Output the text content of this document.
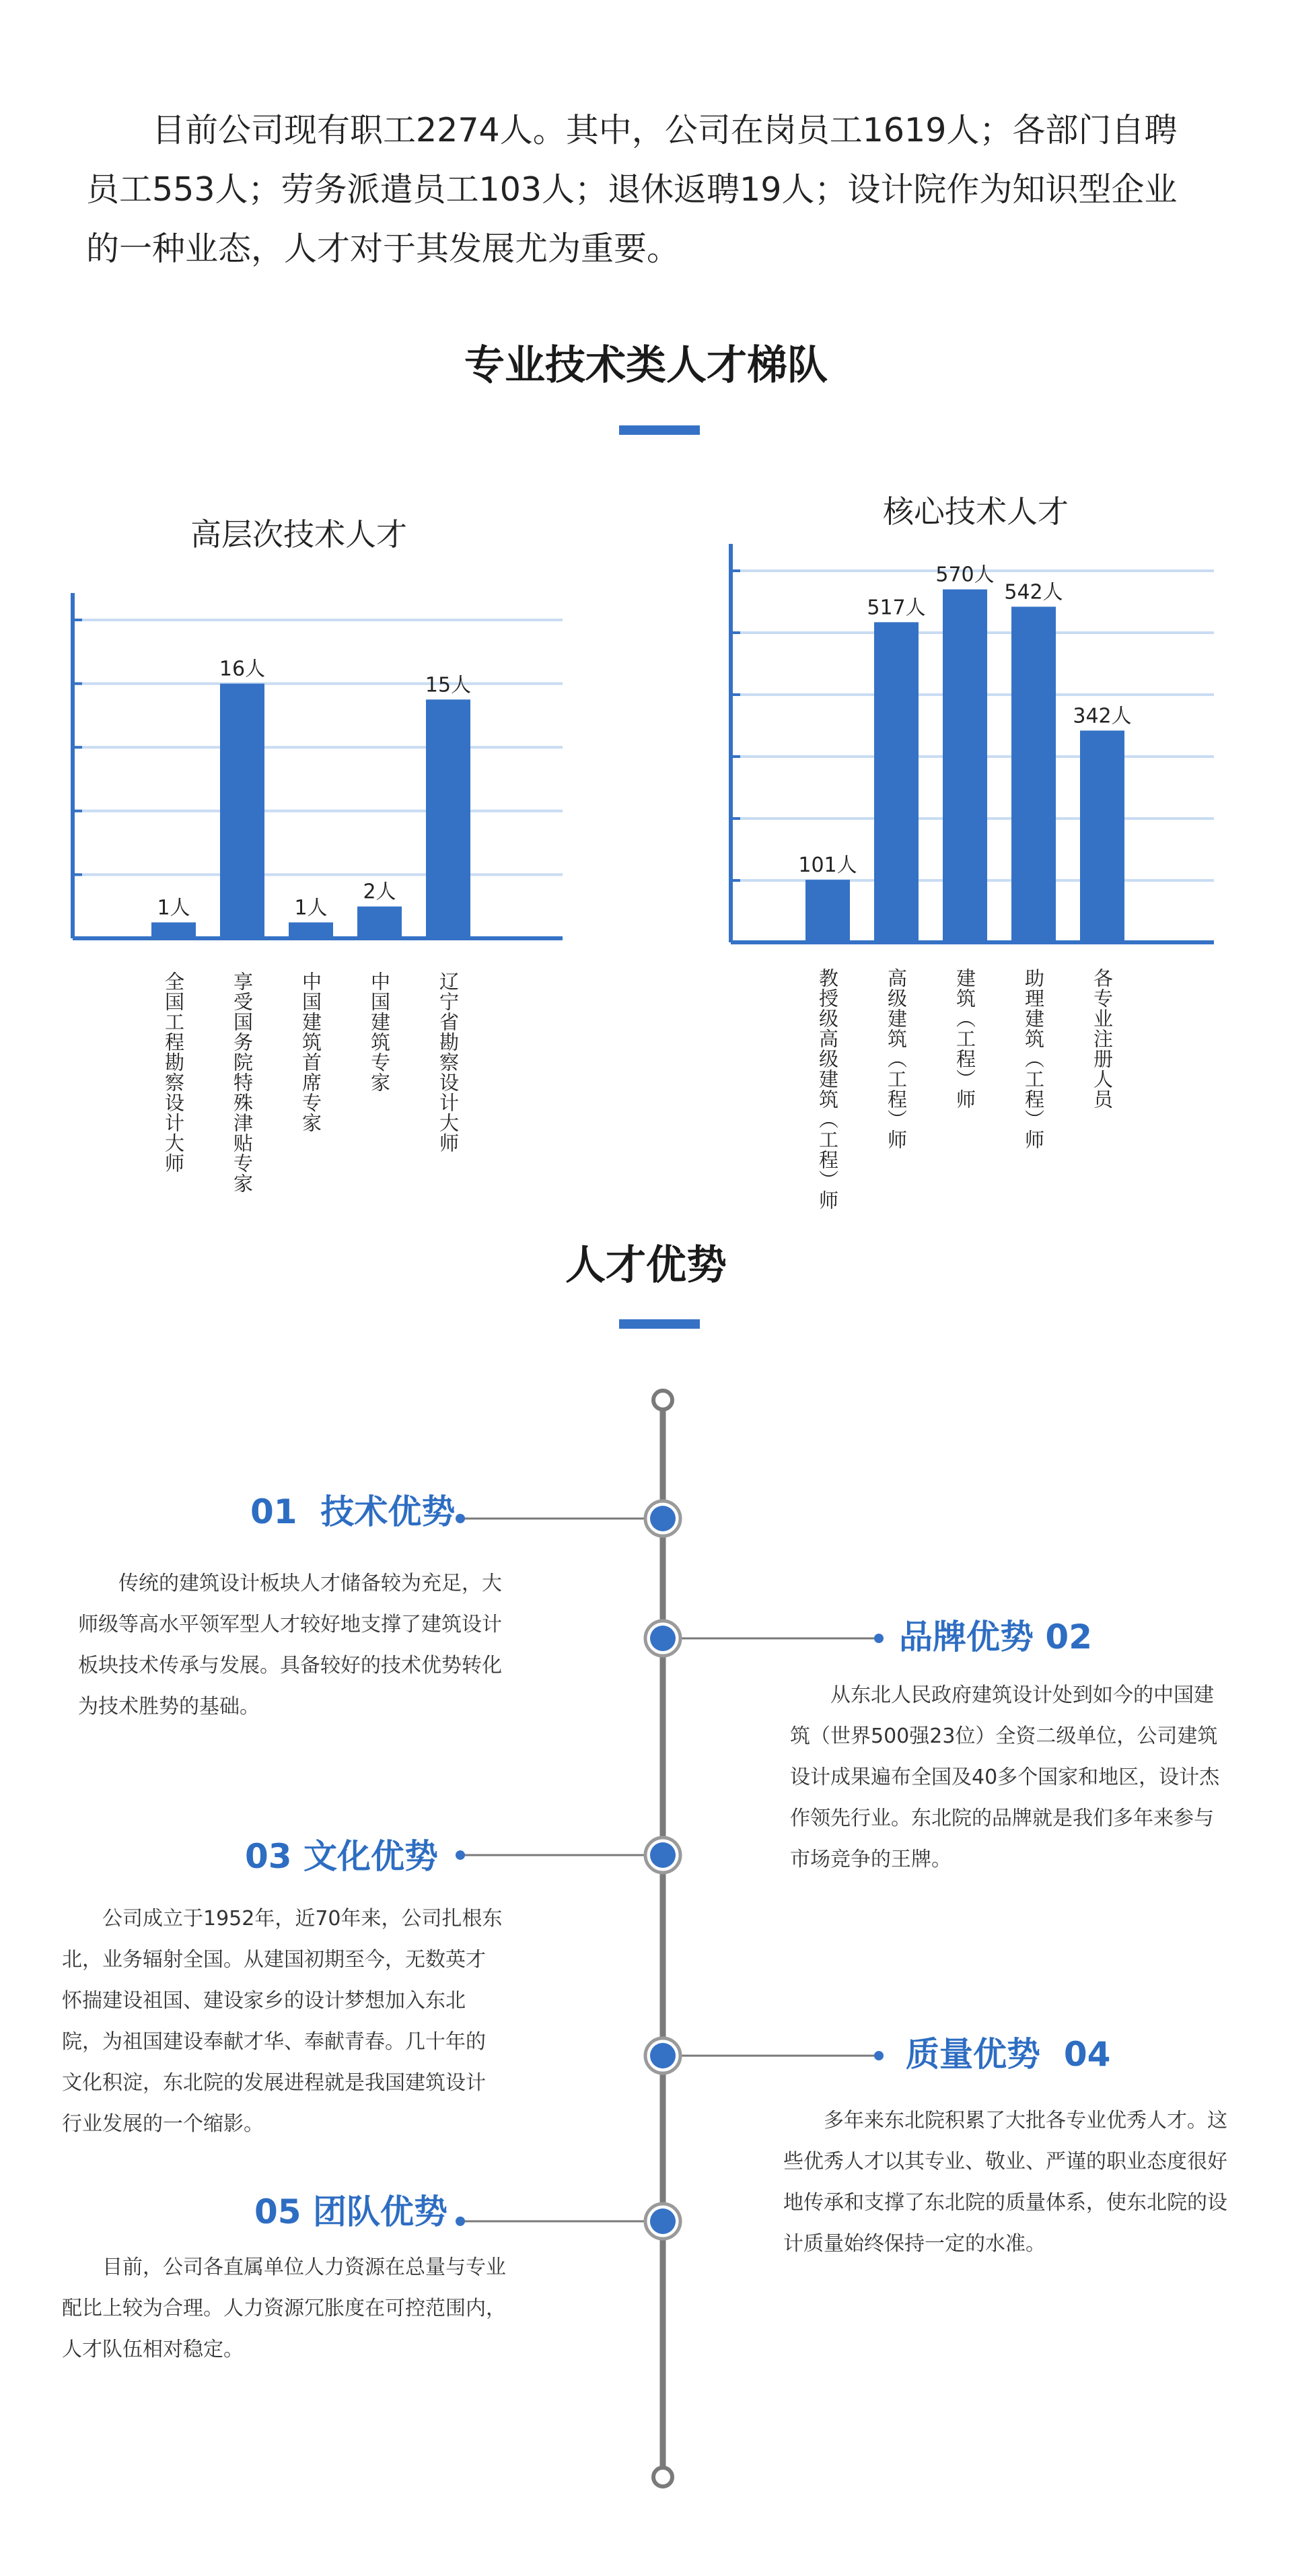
目前公司现有职工2274人。其中，公司在岗员工1619人；各部门自聘员工553人；劳务派遣员工103人；退休返聘19人；设计院作为知识型企业的一种业态，人才对于其发展尤为重要。

专业技术类人才梯队
高层次技术人才
1人
16人
1人
2人
15人
核心技术人才
101人
517人
570人
542人
342人
全国工程勘察设计大师 享受国务院特殊津贴专家 中国建筑首席专家 中国建筑专家 辽宁省勘察设计大师	教授级高级建筑（工程）师 高级建筑（工程）师 建筑（工程）师 助理建筑（工程）师 各专业注册人员
人才优势

01 技术优势

传统的建筑设计板块人才储备较为充足，大师级等高水平领军型人才较好地支撑了建筑设计板块技术传承与发展。具备较好的技术优势转化为技术胜势的基础。

品牌优势 02

从东北人民政府建筑设计处到如今的中国建筑（世界500强23位）全资二级单位，公司建筑设计成果遍布全国及40多个国家和地区，设计杰作领先行业。东北院的品牌就是我们多年来参与市场竞争的王牌。

03 文化优势

公司成立于1952年，近70年来，公司扎根东北，业务辐射全国。从建国初期至今，无数英才怀揣建设祖国、建设家乡的设计梦想加入东北院，为祖国建设奉献才华、奉献青春。几十年的文化积淀，东北院的发展进程就是我国建筑设计行业发展的一个缩影。

质量优势 04

多年来东北院积累了大批各专业优秀人才。这些优秀人才以其专业、敬业、严谨的职业态度很好地传承和支撑了东北院的质量体系，使东北院的设计质量始终保持一定的水准。

05 团队优势

目前，公司各直属单位人力资源在总量与专业配比上较为合理。人力资源冗胀度在可控范围内，人才队伍相对稳定。
